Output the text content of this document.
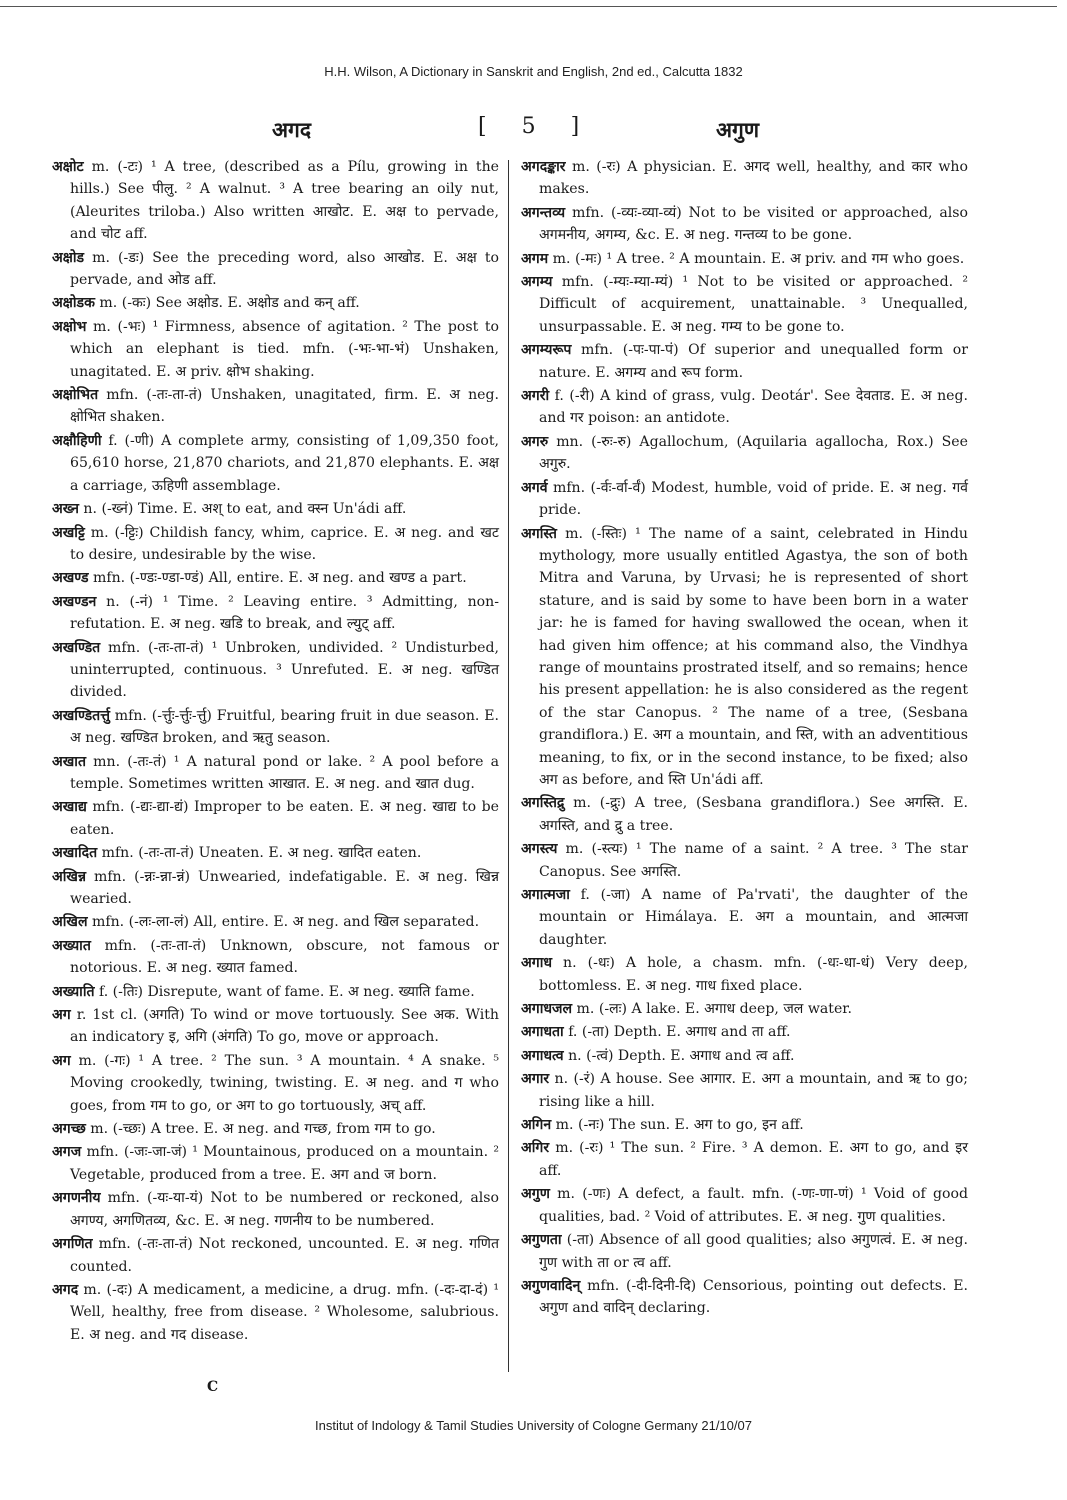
H.H. Wilson, A Dictionary in Sanskrit and English, 2nd ed., Calcutta 1832
अगद	[ 5 ]	अगुण

अक्षोट m. (-टः) ¹ A tree, (described as a Pílu, growing in the hills.) See पीलु. ² A walnut. ³ A tree bearing an oily nut, (Aleurites triloba.) Also written आखोट. E. अक्ष to pervade, and चोट aff.

अक्षोड m. (-डः) See the preceding word, also आखोड. E. अक्ष to pervade, and ओड aff.

अक्षोडक m. (-कः) See अक्षोड. E. अक्षोड and कन् aff.

अक्षोभ m. (-भः) ¹ Firmness, absence of agitation. ² The post to which an elephant is tied. mfn. (-भः-भा-भं) Unshaken, unagitated. E. अ priv. क्षोभ shaking.

अक्षोभित mfn. (-तः-ता-तं) Unshaken, unagitated, firm. E. अ neg. क्षोभित shaken.

अक्षौहिणी f. (-णी) A complete army, consisting of 1,09,350 foot, 65,610 horse, 21,870 chariots, and 21,870 elephants. E. अक्ष a carriage, ऊहिणी assemblage.

अख्न n. (-ख्नं) Time. E. अश् to eat, and क्स्न Un'ádi aff.

अखट्टि m. (-ट्टिः) Childish fancy, whim, caprice. E. अ neg. and खट to desire, undesirable by the wise.

अखण्ड mfn. (-ण्डः-ण्डा-ण्डं) All, entire. E. अ neg. and खण्ड a part.

अखण्डन n. (-नं) ¹ Time. ² Leaving entire. ³ Admitting, non-refutation. E. अ neg. खडि to break, and ल्युट् aff.

अखण्डित mfn. (-तः-ता-तं) ¹ Unbroken, undivided. ² Undisturbed, uninterrupted, continuous. ³ Unrefuted. E. अ neg. खण्डित divided.

अखण्डितर्त्तु mfn. (-र्त्तुः-र्त्तुः-र्त्तु) Fruitful, bearing fruit in due season. E. अ neg. खण्डित broken, and ऋतु season.

अखात mn. (-तः-तं) ¹ A natural pond or lake. ² A pool before a temple. Sometimes written आखात. E. अ neg. and खात dug.

अखाद्य mfn. (-द्यः-द्या-द्यं) Improper to be eaten. E. अ neg. खाद्य to be eaten.

अखादित mfn. (-तः-ता-तं) Uneaten. E. अ neg. खादित eaten.

अखिन्न mfn. (-न्नः-न्ना-न्नं) Unwearied, indefatigable. E. अ neg. खिन्न wearied.

अखिल mfn. (-लः-ला-लं) All, entire. E. अ neg. and खिल separated.

अख्यात mfn. (-तः-ता-तं) Unknown, obscure, not famous or notorious. E. अ neg. ख्यात famed.

अख्याति f. (-तिः) Disrepute, want of fame. E. अ neg. ख्याति fame.

अग r. 1st cl. (अगति) To wind or move tortuously. See अक. With an indicatory इ, अगि (अंगति) To go, move or approach.

अग m. (-गः) ¹ A tree. ² The sun. ³ A mountain. ⁴ A snake. ⁵ Moving crookedly, twining, twisting. E. अ neg. and ग who goes, from गम to go, or अग to go tortuously, अच् aff.

अगच्छ m. (-च्छः) A tree. E. अ neg. and गच्छ, from गम to go.

अगज mfn. (-जः-जा-जं) ¹ Mountainous, produced on a mountain. ² Vegetable, produced from a tree. E. अग and ज born.

अगणनीय mfn. (-यः-या-यं) Not to be numbered or reckoned, also अगण्य, अगणितव्य, &c. E. अ neg. गणनीय to be numbered.

अगणित mfn. (-तः-ता-तं) Not reckoned, uncounted. E. अ neg. गणित counted.

अगद m. (-दः) A medicament, a medicine, a drug. mfn. (-दः-दा-दं) ¹ Well, healthy, free from disease. ² Wholesome, salubrious. E. अ neg. and गद disease.

अगदङ्कार m. (-रः) A physician. E. अगद well, healthy, and कार who makes.

अगन्तव्य mfn. (-व्यः-व्या-व्यं) Not to be visited or approached, also अगमनीय, अगम्य, &c. E. अ neg. गन्तव्य to be gone.

अगम m. (-मः) ¹ A tree. ² A mountain. E. अ priv. and गम who goes.

अगम्य mfn. (-म्यः-म्या-म्यं) ¹ Not to be visited or approached. ² Difficult of acquirement, unattainable. ³ Unequalled, unsurpassable. E. अ neg. गम्य to be gone to.

अगम्यरूप mfn. (-पः-पा-पं) Of superior and unequalled form or nature. E. अगम्य and रूप form.

अगरी f. (-री) A kind of grass, vulg. Deotár'. See देवताड. E. अ neg. and गर poison: an antidote.

अगरु mn. (-रुः-रु) Agallochum, (Aquilaria agallocha, Rox.) See अगुरु.

अगर्व mfn. (-र्वः-र्वा-र्वं) Modest, humble, void of pride. E. अ neg. गर्व pride.

अगस्ति m. (-स्तिः) ¹ The name of a saint, celebrated in Hindu mythology, more usually entitled Agastya, the son of both Mitra and Varuna, by Urvasi; he is represented of short stature, and is said by some to have been born in a water jar: he is famed for having swallowed the ocean, when it had given him offence; at his command also, the Vindhya range of mountains prostrated itself, and so remains; hence his present appellation: he is also considered as the regent of the star Canopus. ² The name of a tree, (Sesbana grandiflora.) E. अग a mountain, and स्ति, with an adventitious meaning, to fix, or in the second instance, to be fixed; also अग as before, and स्ति Un'ádi aff.

अगस्तिद्रु m. (-द्रुः) A tree, (Sesbana grandiflora.) See अगस्ति. E. अगस्ति, and द्रु a tree.

अगस्त्य m. (-स्त्यः) ¹ The name of a saint. ² A tree. ³ The star Canopus. See अगस्ति.

अगात्मजा f. (-जा) A name of Pa'rvati', the daughter of the mountain or Himálaya. E. अग a mountain, and आत्मजा daughter.

अगाध n. (-धः) A hole, a chasm. mfn. (-धः-धा-धं) Very deep, bottomless. E. अ neg. गाध fixed place.

अगाधजल m. (-लः) A lake. E. अगाध deep, जल water.

अगाधता f. (-ता) Depth. E. अगाध and ता aff.

अगाधत्व n. (-त्वं) Depth. E. अगाध and त्व aff.

अगार n. (-रं) A house. See आगार. E. अग a mountain, and ऋ to go; rising like a hill.

अगिन m. (-नः) The sun. E. अग to go, इन aff.

अगिर m. (-रः) ¹ The sun. ² Fire. ³ A demon. E. अग to go, and इर aff.

अगुण m. (-णः) A defect, a fault. mfn. (-णः-णा-णं) ¹ Void of good qualities, bad. ² Void of attributes. E. अ neg. गुण qualities.

अगुणता (-ता) Absence of all good qualities; also अगुणत्वं. E. अ neg. गुण with ता or त्व aff.

अगुणवादिन् mfn. (-दी-दिनी-दि) Censorious, pointing out defects. E. अगुण and वादिन् declaring.

C
Institut of Indology & Tamil Studies University of Cologne Germany 21/10/07
